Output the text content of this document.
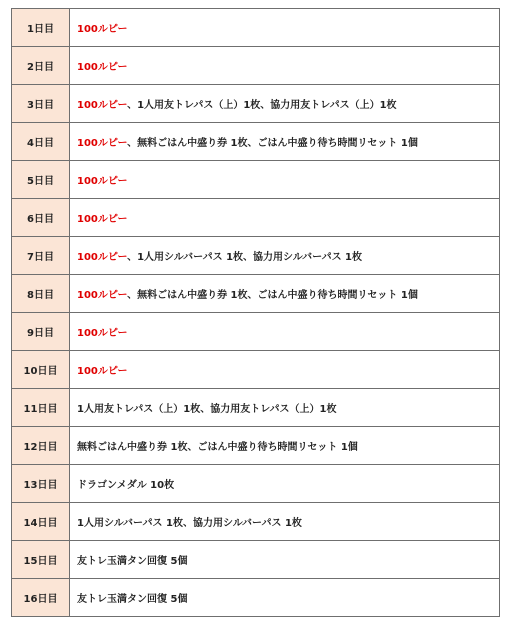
1日目	100ルピー
2日目	100ルピー
3日目	100ルピー、1人用友トレパス（上）1枚、協力用友トレパス（上）1枚
4日目	100ルピー、無料ごはん中盛り券 1枚、ごはん中盛り待ち時間リセット 1個
5日目	100ルピー
6日目	100ルピー
7日目	100ルピー、1人用シルバーパス 1枚、協力用シルバーパス 1枚
8日目	100ルピー、無料ごはん中盛り券 1枚、ごはん中盛り待ち時間リセット 1個
9日目	100ルピー
10日目	100ルピー
11日目	1人用友トレパス（上）1枚、協力用友トレパス（上）1枚
12日目	無料ごはん中盛り券 1枚、ごはん中盛り待ち時間リセット 1個
13日目	ドラゴンメダル 10枚
14日目	1人用シルバーパス 1枚、協力用シルバーパス 1枚
15日目	友トレ玉満タン回復 5個
16日目	友トレ玉満タン回復 5個
